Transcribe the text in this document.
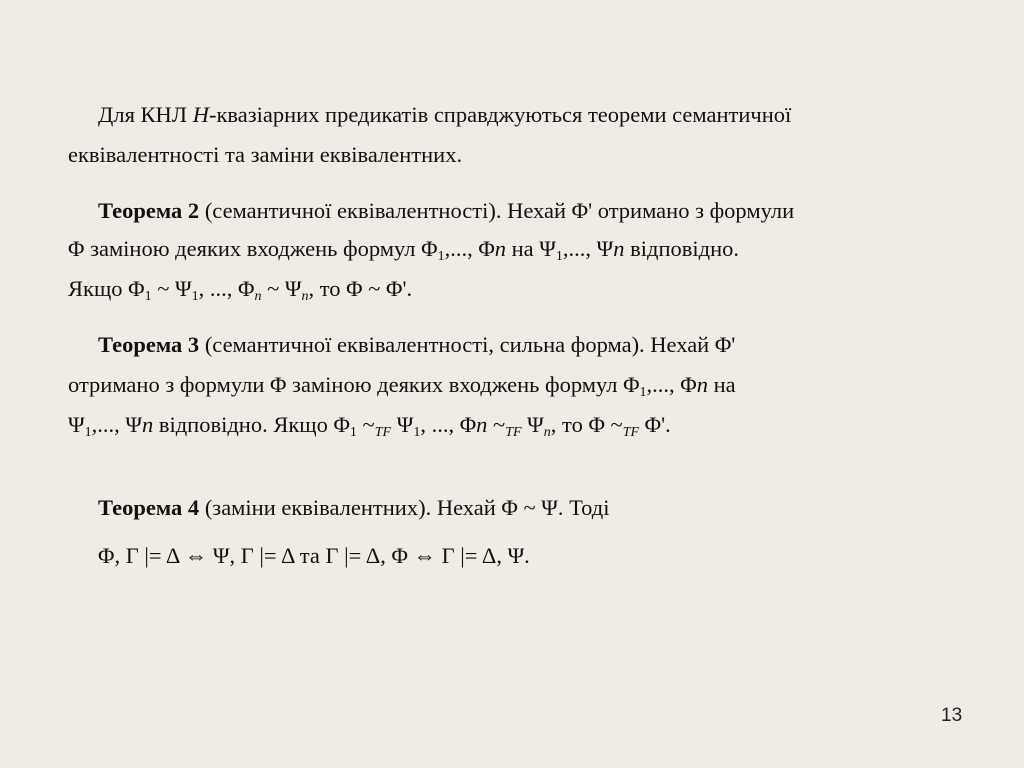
Для КНЛ H-квазіарних предикатів справджуються теореми семантичної
еквівалентності та заміни еквівалентних.
Теорема 2 (семантичної еквівалентності). Нехай Φ' отримано з формули
Φ заміною деяких входжень формул $\Phi_1$,..., Φn на $\Psi_1$,..., Ψn відповідно.
Якщо $\Phi_1$ ~ $\Psi_1$, ..., $\Phi_n$ ~ $\Psi_n$, то Φ ~ Φ'.
Теорема 3 (семантичної еквівалентності, сильна форма). Нехай Φ'
отримано з формули Φ заміною деяких входжень формул $\Phi_1$,..., Φn на
$\Psi_1$,..., Ψn відповідно. Якщо $\Phi_1$ $\sim_{TF}$ $\Psi_1$, ..., Φn $\sim_{TF}$ $\Psi_n$, то Φ $\sim_{TF}$ Φ'.
Теорема 4 (заміни еквівалентних). Нехай Φ ~ Ψ. Тоді
Φ, Γ |= Δ ⇔ Ψ, Γ |= Δ та Γ |= Δ, Φ ⇔ Γ |= Δ, Ψ.
13
